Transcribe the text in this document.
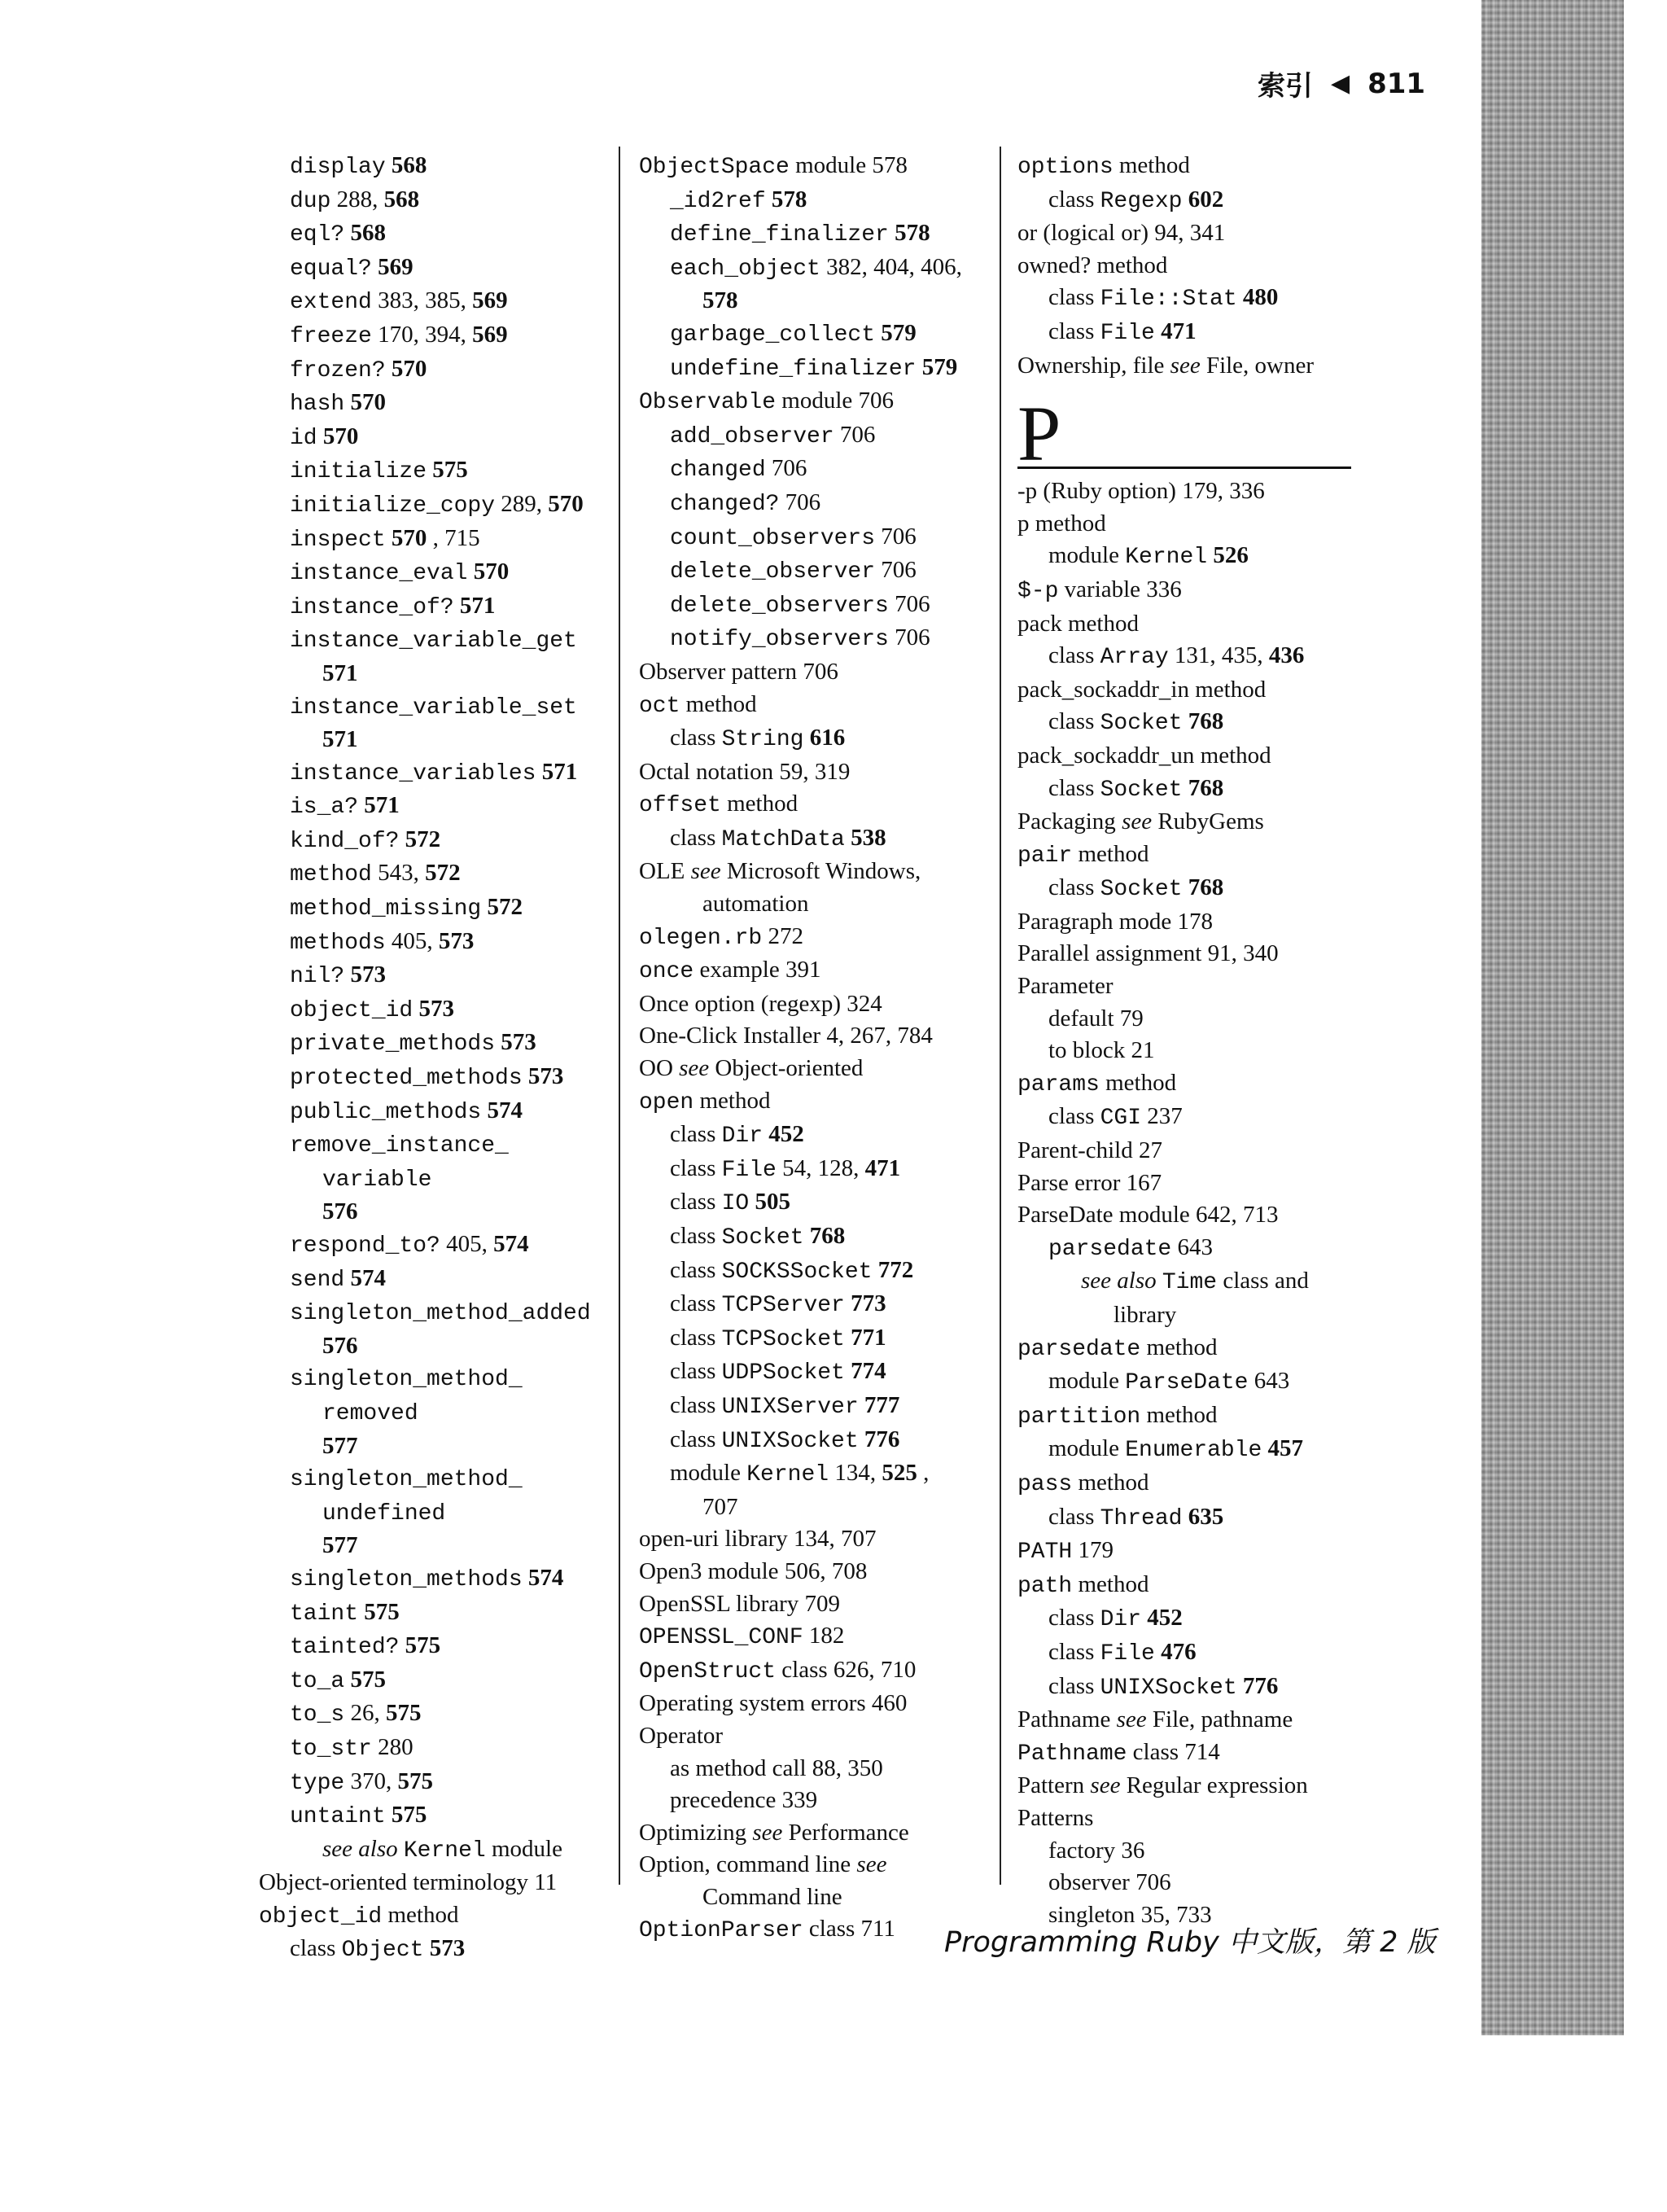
索引 ◀ 811
display 568
dup 288, 568
eql? 568
equal? 569
extend 383, 385, 569
freeze 170, 394, 569
frozen? 570
hash 570
id 570
initialize 575
initialize_copy 289, 570
inspect 570 , 715
instance_eval 570
instance_of? 571
instance_variable_get
571
instance_variable_set
571
instance_variables 571
is_a? 571
kind_of? 572
method 543, 572
method_missing 572
methods 405, 573
nil? 573
object_id 573
private_methods 573
protected_methods 573
public_methods 574
remove_instance_
variable
576
respond_to? 405, 574
send 574
singleton_method_added
576
singleton_method_
removed
577
singleton_method_
undefined
577
singleton_methods 574
taint 575
tainted? 575
to_a 575
to_s 26, 575
to_str 280
type 370, 575
untaint 575
see also Kernel module
Object-oriented terminology 11
object_id method
class Object 573
ObjectSpace module 578
_id2ref 578
define_finalizer 578
each_object 382, 404, 406,
578
garbage_collect 579
undefine_finalizer 579
Observable module 706
add_observer 706
changed 706
changed? 706
count_observers 706
delete_observer 706
delete_observers 706
notify_observers 706
Observer pattern 706
oct method
class String 616
Octal notation 59, 319
offset method
class MatchData 538
OLE see Microsoft Windows,
automation
olegen.rb 272
once example 391
Once option (regexp) 324
One-Click Installer 4, 267, 784
OO see Object-oriented
open method
class Dir 452
class File 54, 128, 471
class IO 505
class Socket 768
class SOCKSSocket 772
class TCPServer 773
class TCPSocket 771
class UDPSocket 774
class UNIXServer 777
class UNIXSocket 776
module Kernel 134, 525 ,
707
open-uri library 134, 707
Open3 module 506, 708
OpenSSL library 709
OPENSSL_CONF 182
OpenStruct class 626, 710
Operating system errors 460
Operator
as method call 88, 350
precedence 339
Optimizing see Performance
Option, command line see
Command line
OptionParser class 711
options method
class Regexp 602
or (logical or) 94, 341
owned? method
class File::Stat 480
class File 471
Ownership, file see File, owner
P
-p (Ruby option) 179, 336
p method
module Kernel 526
$-p variable 336
pack method
class Array 131, 435, 436
pack_sockaddr_in method
class Socket 768
pack_sockaddr_un method
class Socket 768
Packaging see RubyGems
pair method
class Socket 768
Paragraph mode 178
Parallel assignment 91, 340
Parameter
default 79
to block 21
params method
class CGI 237
Parent-child 27
Parse error 167
ParseDate module 642, 713
parsedate 643
see also Time class and
library
parsedate method
module ParseDate 643
partition method
module Enumerable 457
pass method
class Thread 635
PATH 179
path method
class Dir 452
class File 476
class UNIXSocket 776
Pathname see File, pathname
Pathname class 714
Pattern see Regular expression
Patterns
factory 36
observer 706
singleton 35, 733
Programming Ruby 中文版，第 2 版
